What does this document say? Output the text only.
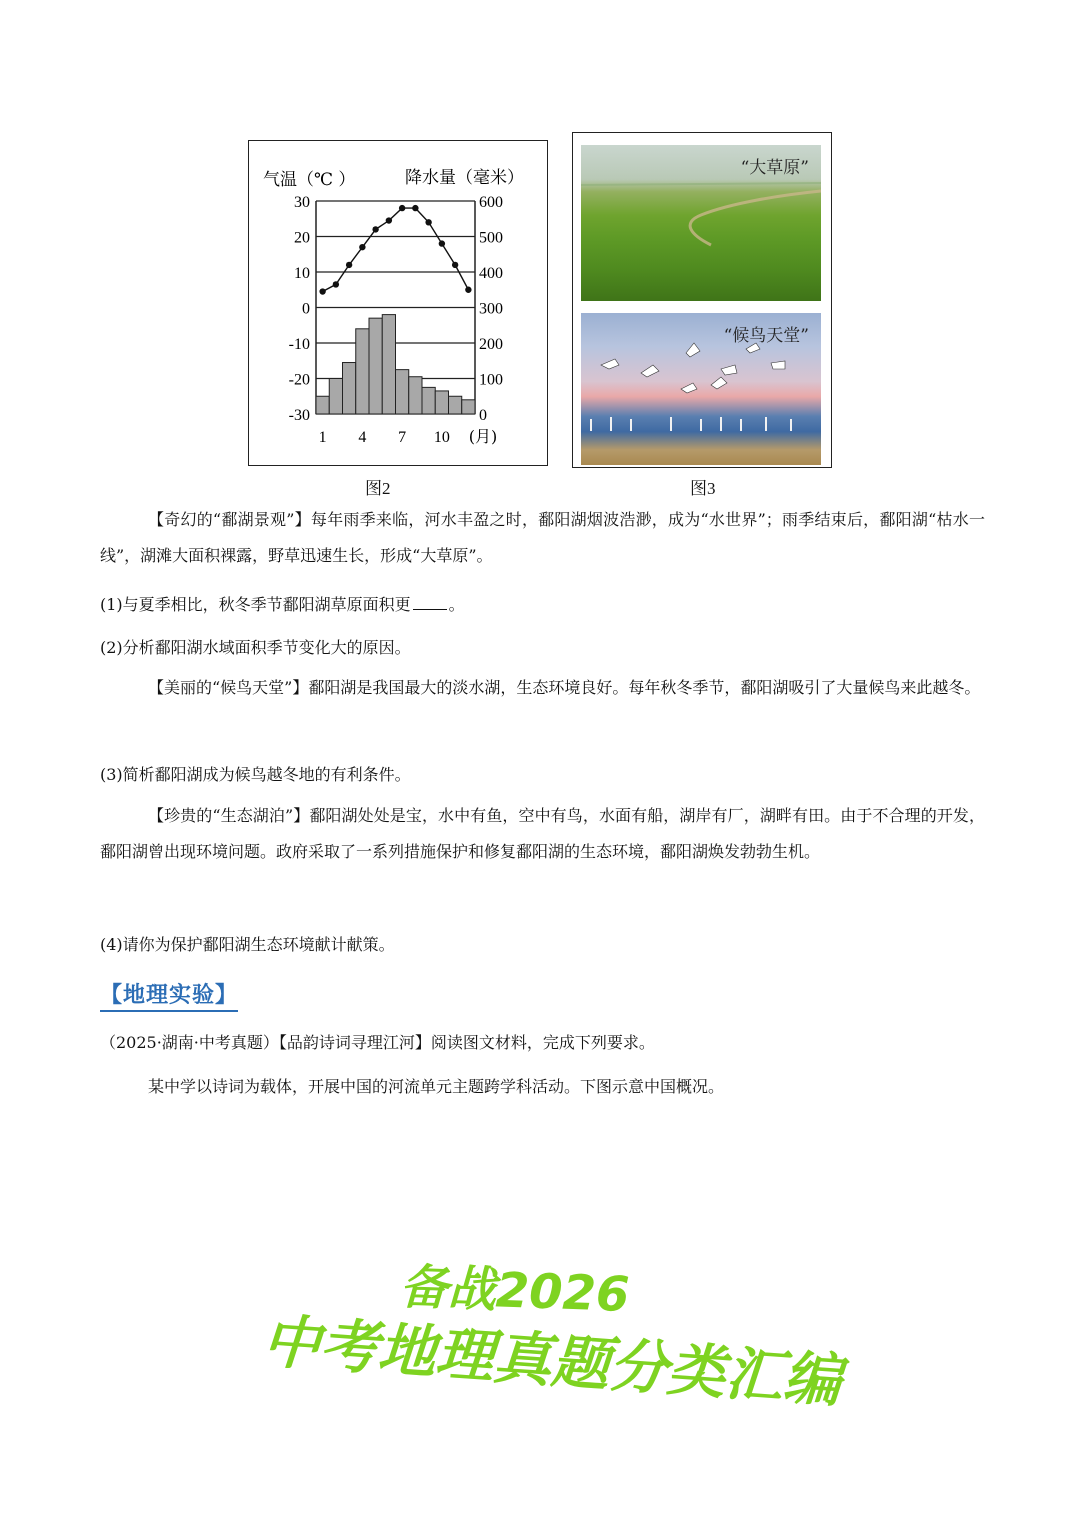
气温（℃ ）	降水量（毫米）
30
20
10
0
-10
-20
-30
600
500
400
300
200
100
0
1 4 7 10 (月)
图2
“大草原”
“候鸟天堂”
图3
【奇幻的“鄱湖景观”】每年雨季来临，河水丰盈之时，鄱阳湖烟波浩渺，成为“水世界”；雨季结束后，鄱阳湖“枯水一线”，湖滩大面积裸露，野草迅速生长，形成“大草原”。
(1)与夏季相比，秋冬季节鄱阳湖草原面积更 。
(2)分析鄱阳湖水域面积季节变化大的原因。
【美丽的“候鸟天堂”】鄱阳湖是我国最大的淡水湖，生态环境良好。每年秋冬季节，鄱阳湖吸引了大量候鸟来此越冬。
(3)简析鄱阳湖成为候鸟越冬地的有利条件。
【珍贵的“生态湖泊”】鄱阳湖处处是宝，水中有鱼，空中有鸟，水面有船，湖岸有厂，湖畔有田。由于不合理的开发，鄱阳湖曾出现环境问题。政府采取了一系列措施保护和修复鄱阳湖的生态环境，鄱阳湖焕发勃勃生机。
(4)请你为保护鄱阳湖生态环境献计献策。
【地理实验】
（2025·湖南·中考真题）【品韵诗词寻理江河】阅读图文材料，完成下列要求。
某中学以诗词为载体，开展中国的河流单元主题跨学科活动。下图示意中国概况。
备战2026
中考地理真题分类汇编
